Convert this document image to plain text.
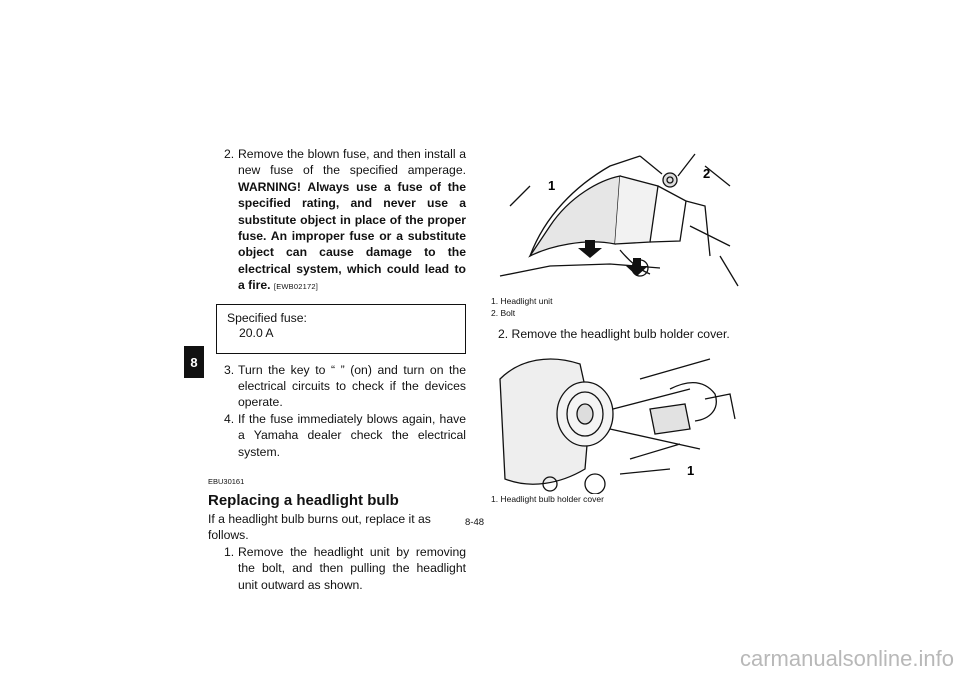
8
2. Remove the blown fuse, and then install a new fuse of the specified amperage. WARNING! Always use a fuse of the specified rating, and never use a substitute object in place of the proper fuse. An improper fuse or a substitute object can cause damage to the electrical system, which could lead to a fire. [EWB02172]
Specified fuse:
20.0 A
3. Turn the key to “ ” (on) and turn on the electrical circuits to check if the devices operate.
4. If the fuse immediately blows again, have a Yamaha dealer check the electrical system.
EBU30161
Replacing a headlight bulb
If a headlight bulb burns out, replace it as follows.
1. Remove the headlight unit by removing the bolt, and then pulling the headlight unit outward as shown.
1
2
1. Headlight unit
2. Bolt
2. Remove the headlight bulb holder cover.
1
1. Headlight bulb holder cover
8-48
carmanualsonline.info
